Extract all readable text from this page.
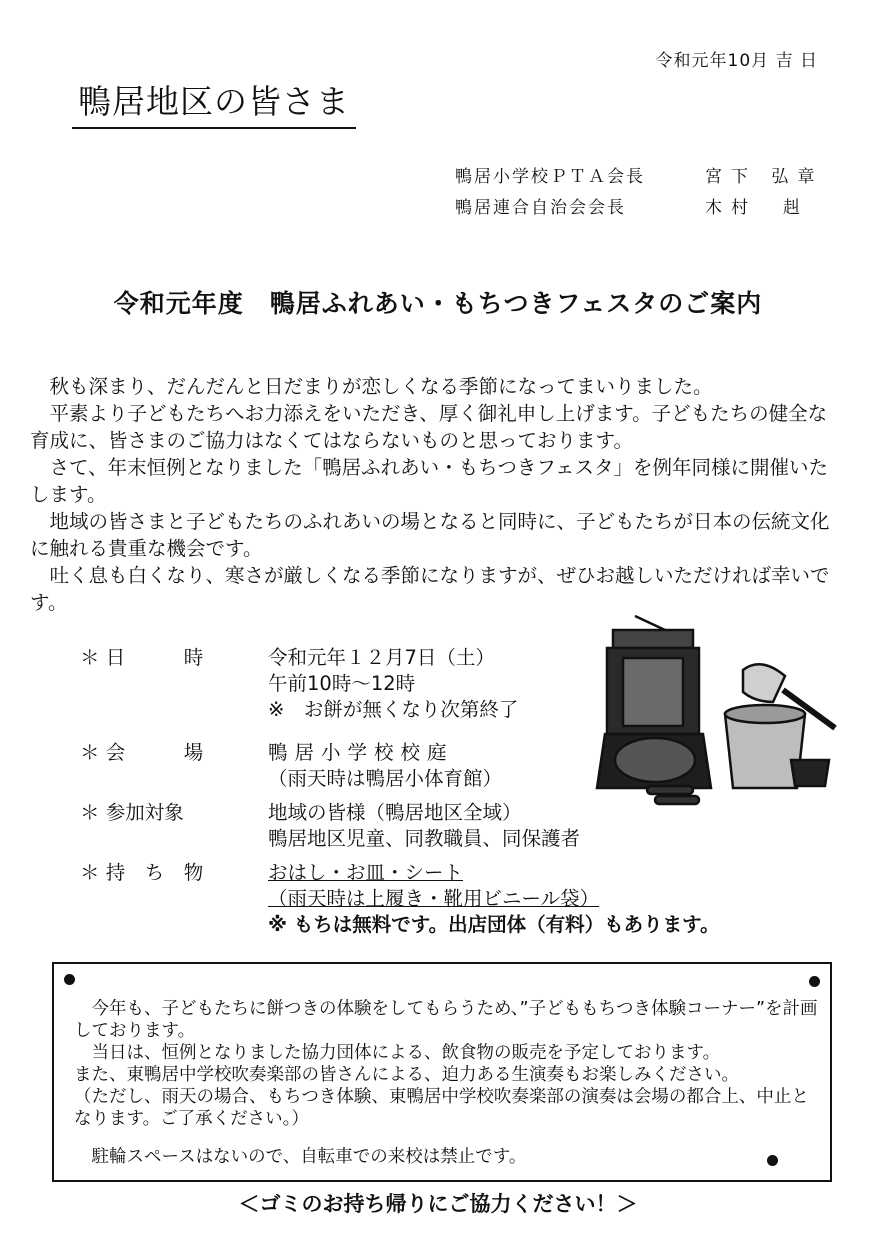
令和元年10月 吉 日
鴨居地区の皆さま
鴨居小学校ＰＴＡ会長	宮下 弘章
鴨居連合自治会会長	木村　赳
令和元年度　鴨居ふれあい・もちつきフェスタのご案内

秋も深まり、だんだんと日だまりが恋しくなる季節になってまいりました。

平素より子どもたちへお力添えをいただき、厚く御礼申し上げます。子どもたちの健全な育成に、皆さまのご協力はなくてはならないものと思っております。

さて、年末恒例となりました「鴨居ふれあい・もちつきフェスタ」を例年同様に開催いたします。

地域の皆さまと子どもたちのふれあいの場となると同時に、子どもたちが日本の伝統文化に触れる貴重な機会です。

吐く息も白くなり、寒さが厳しくなる季節になりますが、ぜひお越しいただければ幸いです。

＊ 日　　　時	令和元年１２月7日（土）
午前10時〜12時
※　お餅が無くなり次第終了
＊ 会　　　場	鴨居小学校校庭
（雨天時は鴨居小体育館）
＊ 参加対象	地域の皆様（鴨居地区全域）
鴨居地区児童、同教職員、同保護者
＊ 持　ち　物	おはし・お皿・シート
（雨天時は上履き・靴用ビニール袋）
※ もちは無料です。出店団体（有料）もあります。

　今年も、子どもたちに餅つきの体験をしてもらうため、”子どももちつき体験コーナー”を計画しております。

　当日は、恒例となりました協力団体による、飲食物の販売を予定しております。

また、東鴨居中学校吹奏楽部の皆さんによる、迫力ある生演奏もお楽しみください。

（ただし、雨天の場合、もちつき体験、東鴨居中学校吹奏楽部の演奏は会場の都合上、中止となります。ご了承ください。）

　駐輪スペースはないので、自転車での来校は禁止です。

＜ゴミのお持ち帰りにご協力ください！＞
